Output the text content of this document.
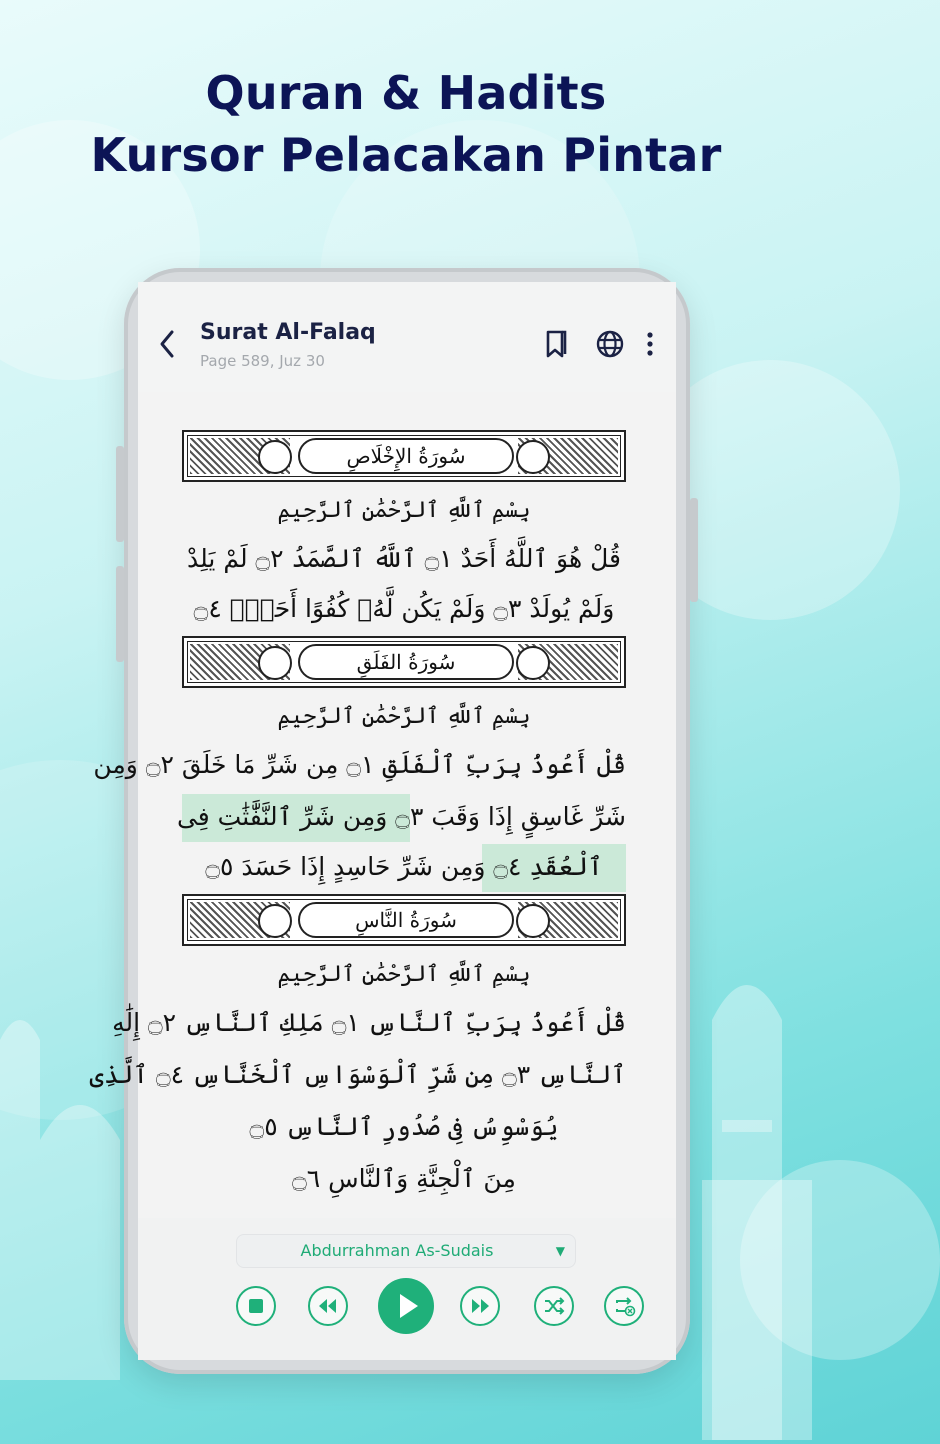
Quran & Hadits
Kursor Pelacakan Pintar
Surat Al-Falaq
Page 589, Juz 30
سُورَةُ الإِخْلَاصِ
بِسْمِ ٱللَّهِ ٱلرَّحْمَٰنِ ٱلرَّحِيمِ
قُلْ هُوَ ٱللَّهُ أَحَدٌ ۝١ ٱللَّهُ ٱلصَّمَدُ ۝٢ لَمْ يَلِدْ
وَلَمْ يُولَدْ ۝٣ وَلَمْ يَكُن لَّهُۥ كُفُوًا أَحَدٌۢ ۝٤
سُورَةُ الفَلَقِ
بِسْمِ ٱللَّهِ ٱلرَّحْمَٰنِ ٱلرَّحِيمِ
قُلْ أَعُوذُ بِرَبِّ ٱلْفَلَقِ ۝١ مِن شَرِّ مَا خَلَقَ ۝٢ وَمِن
شَرِّ غَاسِقٍ إِذَا وَقَبَ ۝٣ وَمِن شَرِّ ٱلنَّفَّٰثَٰتِ فِى
ٱلْعُقَدِ ۝٤ وَمِن شَرِّ حَاسِدٍ إِذَا حَسَدَ ۝٥
سُورَةُ النَّاسِ
بِسْمِ ٱللَّهِ ٱلرَّحْمَٰنِ ٱلرَّحِيمِ
قُلْ أَعُوذُ بِرَبِّ ٱلنَّاسِ ۝١ مَلِكِ ٱلنَّاسِ ۝٢ إِلَٰهِ
ٱلنَّاسِ ۝٣ مِن شَرِّ ٱلْوَسْوَاسِ ٱلْخَنَّاسِ ۝٤ ٱلَّذِى
يُوَسْوِسُ فِى صُدُورِ ٱلنَّاسِ ۝٥
مِنَ ٱلْجِنَّةِ وَٱلنَّاسِ ۝٦
Abdurrahman As-Sudais	▼
